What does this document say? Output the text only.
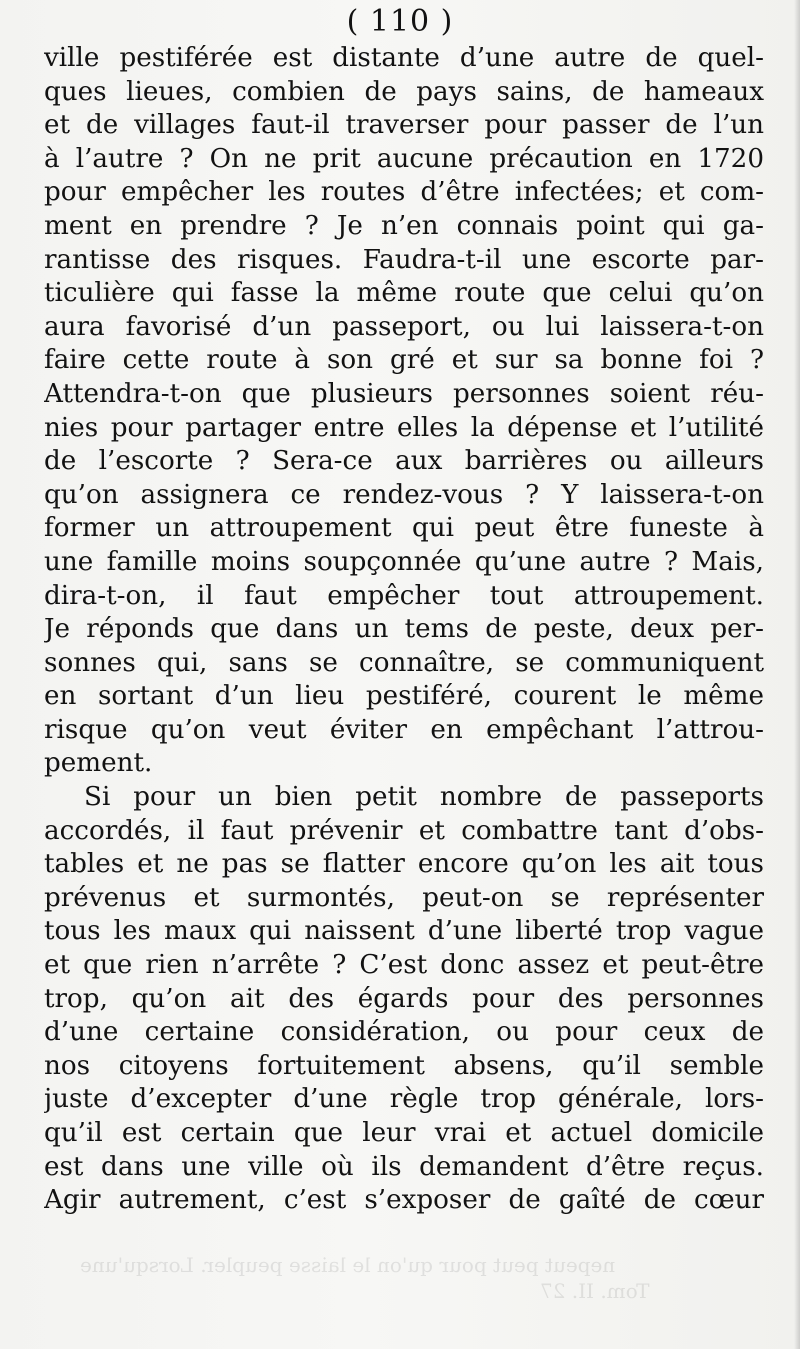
( 110 )
ville pestiférée est distante d’une autre de quel-
ques lieues, combien de pays sains, de hameaux
et de villages faut-il traverser pour passer de l’un
à l’autre ? On ne prit aucune précaution en 1720
pour empêcher les routes d’être infectées; et com-
ment en prendre ? Je n’en connais point qui ga-
rantisse des risques. Faudra-t-il une escorte par-
ticulière qui fasse la même route que celui qu’on
aura favorisé d’un passeport, ou lui laissera-t-on
faire cette route à son gré et sur sa bonne foi ?
Attendra-t-on que plusieurs personnes soient réu-
nies pour partager entre elles la dépense et l’utilité
de l’escorte ? Sera-ce aux barrières ou ailleurs
qu’on assignera ce rendez-vous ? Y laissera-t-on
former un attroupement qui peut être funeste à
une famille moins soupçonnée qu’une autre ? Mais,
dira-t-on, il faut empêcher tout attroupement.
Je réponds que dans un tems de peste, deux per-
sonnes qui, sans se connaître, se communiquent
en sortant d’un lieu pestiféré, courent le même
risque qu’on veut éviter en empêchant l’attrou-
pement.
Si pour un bien petit nombre de passeports
accordés, il faut prévenir et combattre tant d’obs-
tables et ne pas se flatter encore qu’on les ait tous
prévenus et surmontés, peut-on se représenter
tous les maux qui naissent d’une liberté trop vague
et que rien n’arrête ? C’est donc assez et peut-être
trop, qu’on ait des égards pour des personnes
d’une certaine considération, ou pour ceux de
nos citoyens fortuitement absens, qu’il semble
juste d’excepter d’une règle trop générale, lors-
qu’il est certain que leur vrai et actuel domicile
est dans une ville où ils demandent d’être reçus.
Agir autrement, c’est s’exposer de gaîté de cœur
nepeut peut pour qu'on le laisse peupler. Lorsqu'une
Tom. II. 27
